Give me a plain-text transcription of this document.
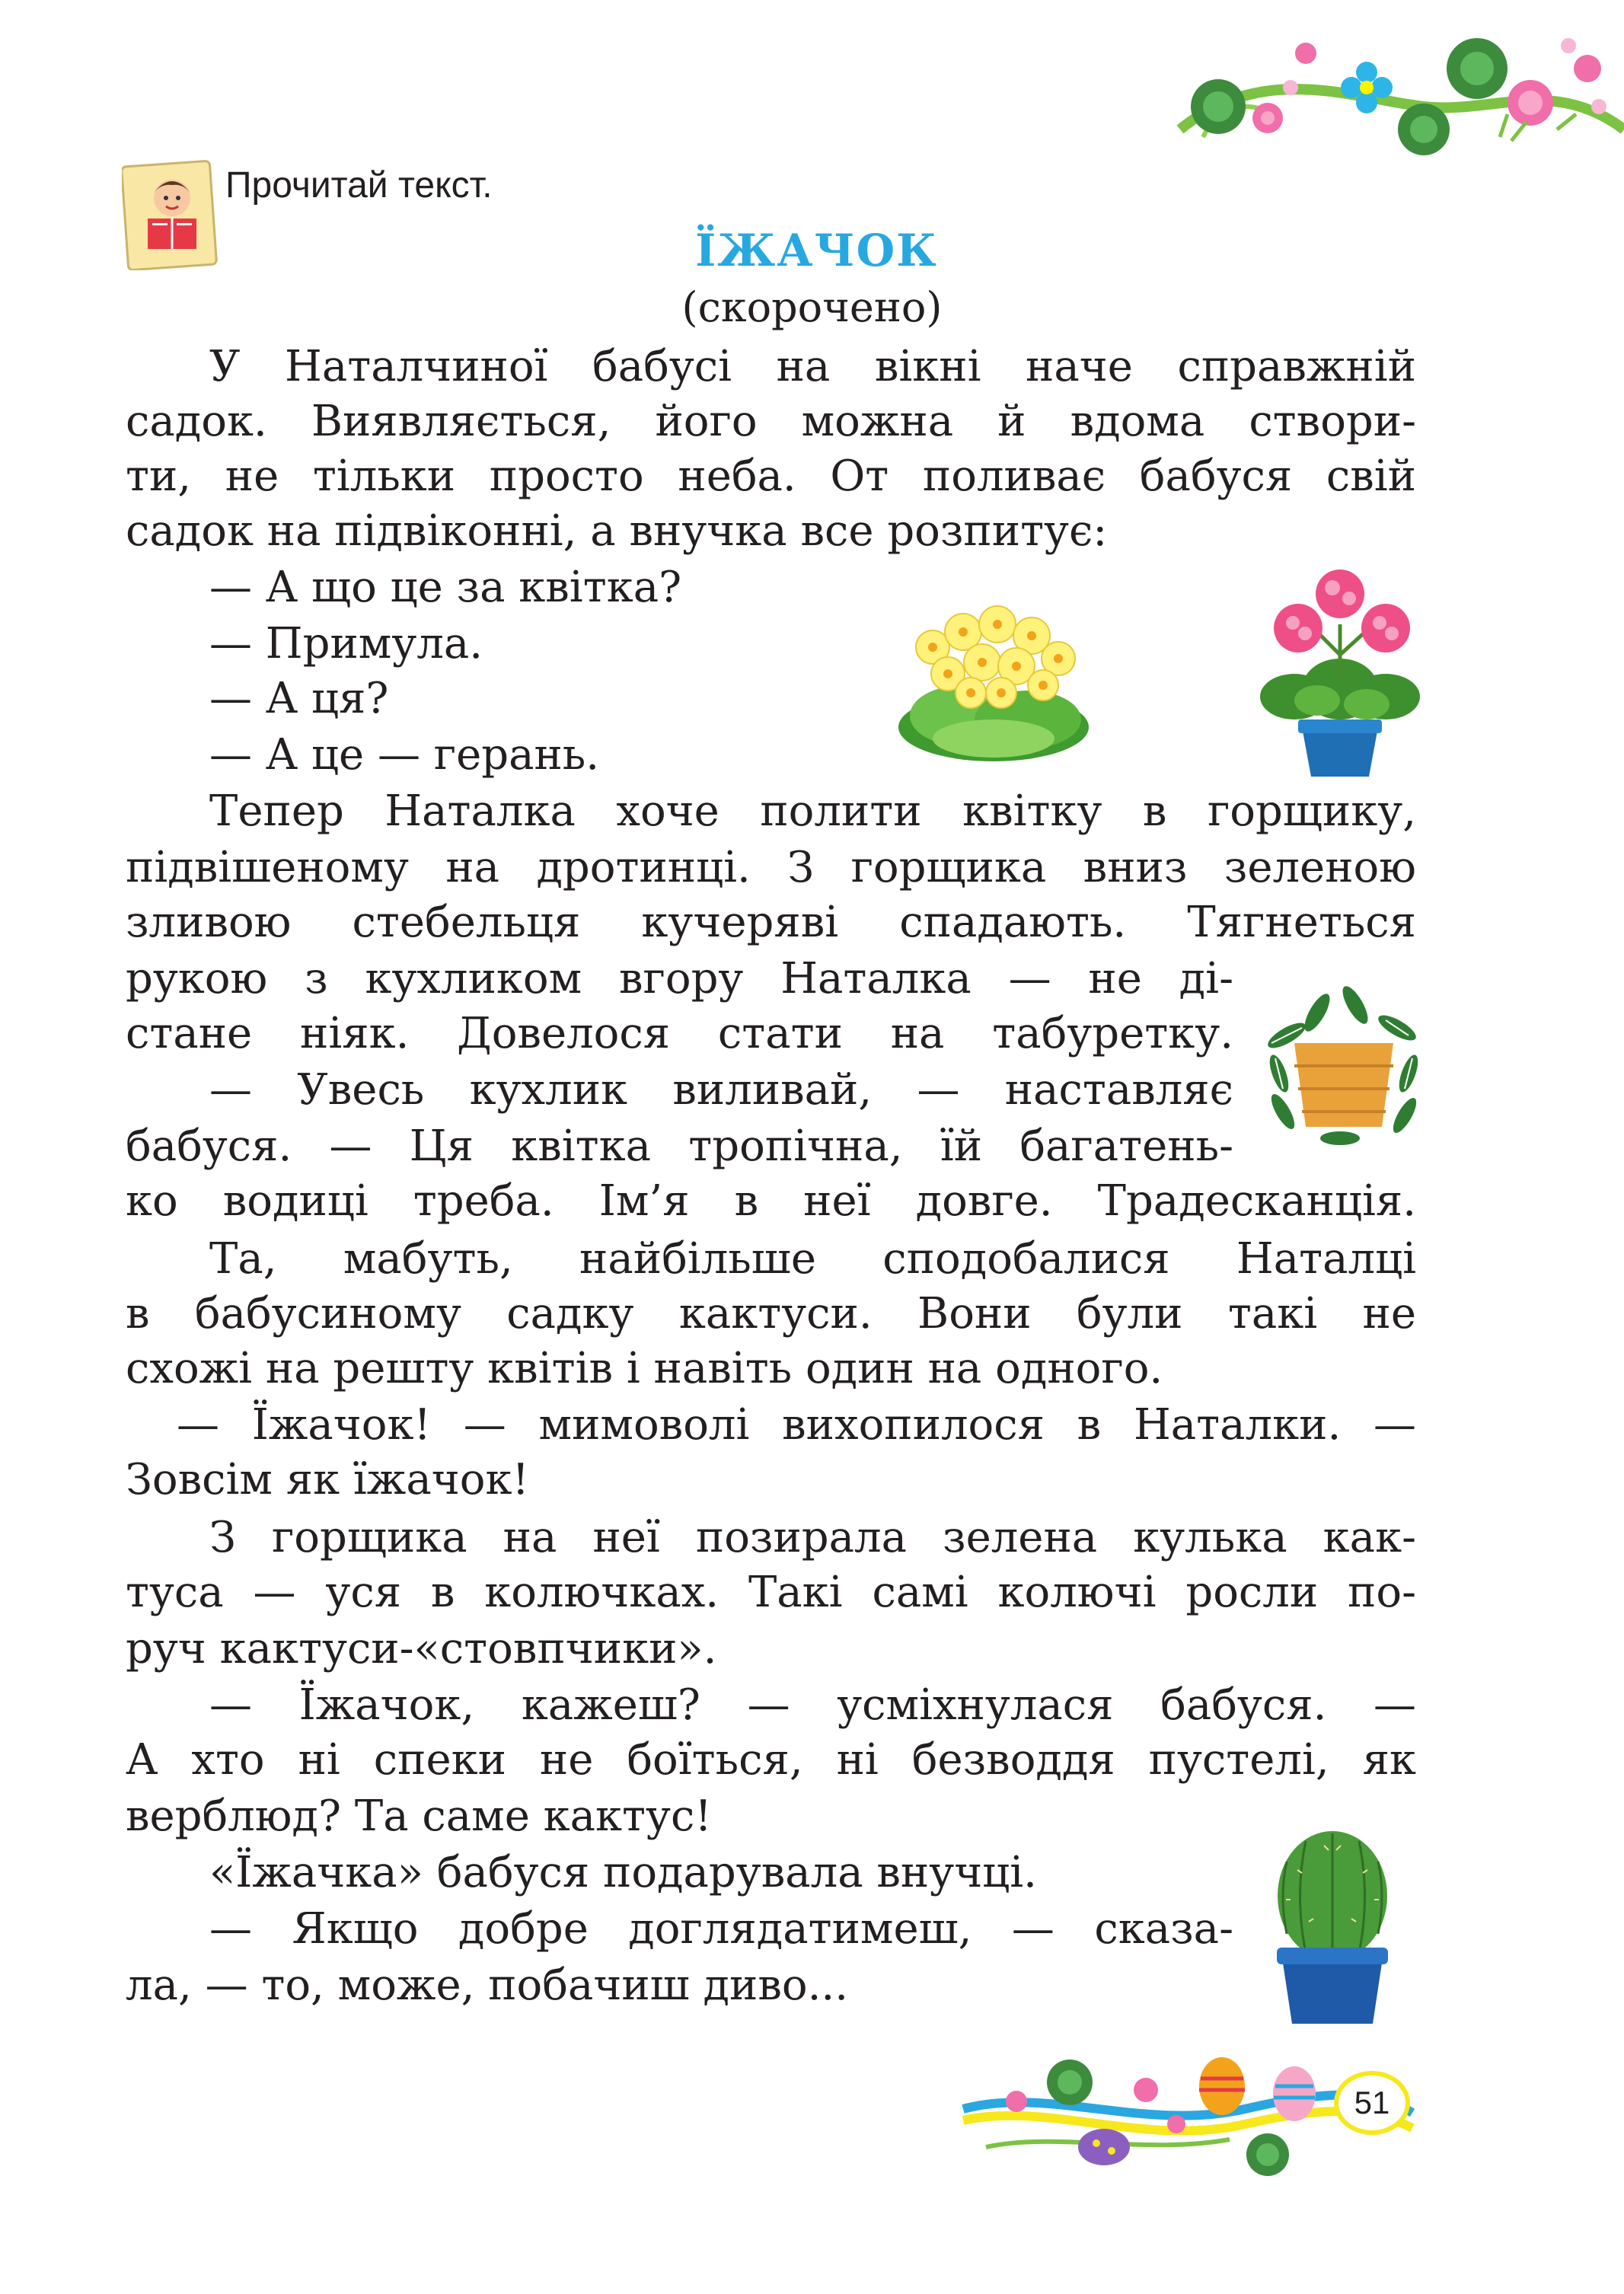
Прочитай текст.
ЇЖАЧОК
(скорочено)
У Наталчиної бабусі на вікні наче справжній
садок. Виявляється, його можна й вдома створи-
ти, не тільки просто неба. От поливає бабуся свій
садок на підвіконні, а внучка все розпитує:
— А що це за квітка?
— Примула.
— А ця?
— А це — герань.
Тепер Наталка хоче полити квітку в горщику,
підвішеному на дротинці. З горщика вниз зеленою
зливою стебельця кучеряві спадають. Тягнеться
рукою з кухликом вгору Наталка — не ді-
стане ніяк. Довелося стати на табуретку.
— Увесь кухлик виливай, — наставляє
бабуся. — Ця квітка тропічна, їй багатень-
ко водиці треба. Ім’я в неї довге. Традесканція.
Та, мабуть, найбільше сподобалися Наталці
в бабусиному садку кактуси. Вони були такі не
схожі на решту квітів і навіть один на одного.
— Їжачок! — мимоволі вихопилося в Наталки. —
Зовсім як їжачок!
З горщика на неї позирала зелена кулька как-
туса — уся в колючках. Такі самі колючі росли по-
руч кактуси-«стовпчики».
— Їжачок, кажеш? — усміхнулася бабуся. —
А хто ні спеки не боїться, ні безводдя пустелі, як
верблюд? Та саме кактус!
«Їжачка» бабуся подарувала внучці.
— Якщо добре доглядатимеш, — сказа-
ла, — то, може, побачиш диво...
51
